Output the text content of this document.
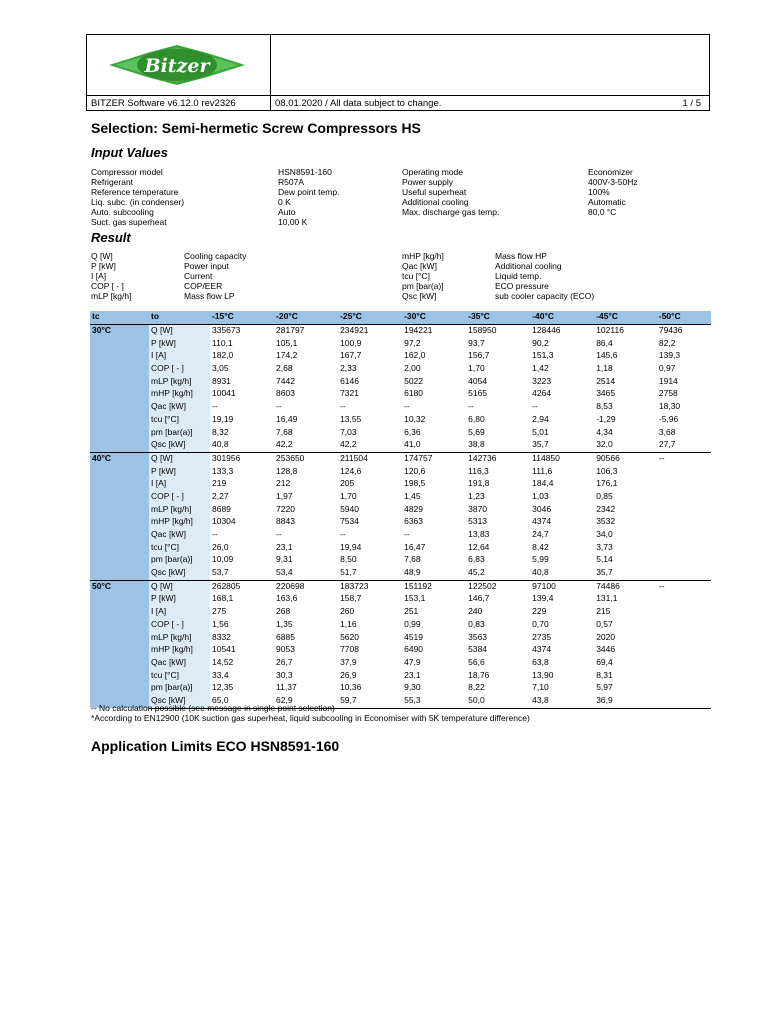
Bitzer
BITZER Software v6.12.0 rev2326	08.01.2020 / All data subject to change.	1 / 5
Selection: Semi-hermetic Screw Compressors HS
Input Values
Compressor model	HSN8591-160
Refrigerant	R507A
Reference temperature	Dew point temp.
Liq. subc. (in condenser)	0 K
Auto. subcooling	Auto
Suct. gas superheat	10,00 K
Operating mode	Economizer
Power supply	400V-3-50Hz
Useful superheat	100%
Additional cooling	Automatic
Max. discharge gas temp.	80,0 °C
Result
Q [W]	Cooling capacity
P [kW]	Power input
I [A]	Current
COP [ - ]	COP/EER
mLP [kg/h]	Mass flow LP
mHP [kg/h]	Mass flow HP
Qac [kW]	Additional cooling
tcu [°C]	Liquid temp.
pm [bar(a)]	ECO pressure
Qsc [kW]	sub cooler capacity (ECO)
tc	to	-15°C	-20°C	-25°C	-30°C	-35°C	-40°C	-45°C	-50°C
30°C	Q [W]	335673	281797	234921	194221	158950	128446	102116	79436
	P [kW]	110,1	105,1	100,9	97,2	93,7	90,2	86,4	82,2
	I [A]	182,0	174,2	167,7	162,0	156,7	151,3	145,6	139,3
	COP [ - ]	3,05	2,68	2,33	2,00	1,70	1,42	1,18	0,97
	mLP [kg/h]	8931	7442	6146	5022	4054	3223	2514	1914
	mHP [kg/h]	10041	8603	7321	6180	5165	4264	3465	2758
	Qac [kW]	--	--	--	--	--	--	8,53	18,30
	tcu [°C]	19,19	16,49	13,55	10,32	6,80	2,94	-1,29	-5,96
	pm [bar(a)]	8,32	7,68	7,03	6,36	5,69	5,01	4,34	3,68
	Qsc [kW]	40,8	42,2	42,2	41,0	38,8	35,7	32,0	27,7
40°C	Q [W]	301956	253650	211504	174757	142736	114850	90566	--
	P [kW]	133,3	128,8	124,6	120,6	116,3	111,6	106,3	
	I [A]	219	212	205	198,5	191,8	184,4	176,1	
	COP [ - ]	2,27	1,97	1,70	1,45	1,23	1,03	0,85	
	mLP [kg/h]	8689	7220	5940	4829	3870	3046	2342	
	mHP [kg/h]	10304	8843	7534	6363	5313	4374	3532	
	Qac [kW]	--	--	--	--	13,83	24,7	34,0	
	tcu [°C]	26,0	23,1	19,94	16,47	12,64	8,42	3,73	
	pm [bar(a)]	10,09	9,31	8,50	7,68	6,83	5,99	5,14	
	Qsc [kW]	53,7	53,4	51,7	48,9	45,2	40,8	35,7	
50°C	Q [W]	262805	220698	183723	151192	122502	97100	74486	--
	P [kW]	168,1	163,6	158,7	153,1	146,7	139,4	131,1	
	I [A]	275	268	260	251	240	229	215	
	COP [ - ]	1,56	1,35	1,16	0,99	0,83	0,70	0,57	
	mLP [kg/h]	8332	6885	5620	4519	3563	2735	2020	
	mHP [kg/h]	10541	9053	7708	6490	5384	4374	3446	
	Qac [kW]	14,52	26,7	37,9	47,9	56,6	63,8	69,4	
	tcu [°C]	33,4	30,3	26,9	23,1	18,76	13,90	8,31	
	pm [bar(a)]	12,35	11,37	10,36	9,30	8,22	7,10	5,97	
	Qsc [kW]	65,0	62,9	59,7	55,3	50,0	43,8	36,9	
-- No calculation possible (see message in single point selection)
*According to EN12900 (10K suction gas superheat, liquid subcooling in Economiser with 5K temperature difference)
Application Limits ECO HSN8591-160
